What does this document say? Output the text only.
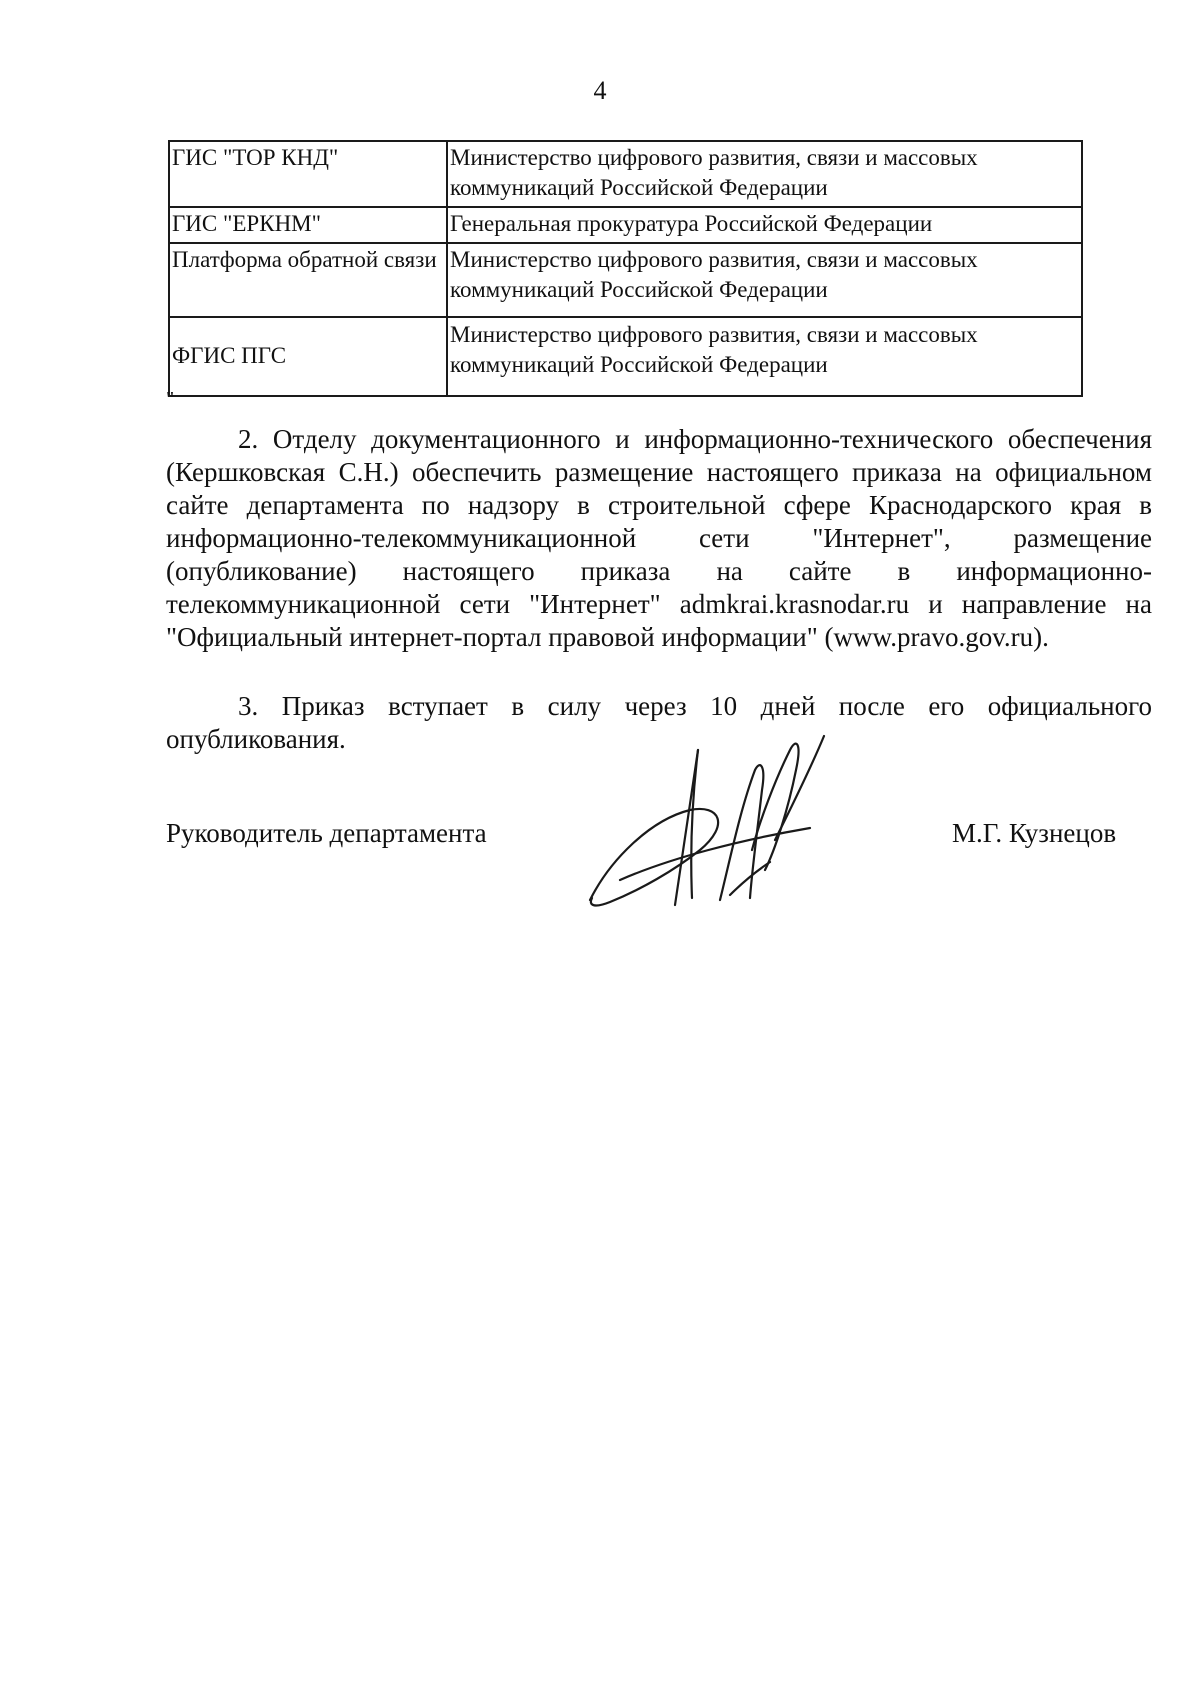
4
ГИС "ТОР КНД"	Министерство цифрового развития, связи и массовых коммуникаций Российской Федерации
ГИС "ЕРКНМ"	Генеральная прокуратура Российской Федерации
Платформа обратной связи	Министерство цифрового развития, связи и массовых коммуникаций Российской Федерации
ФГИС ПГС	Министерство цифрового развития, связи и массовых коммуникаций Российской Федерации
"

2. Отделу документационного и информационно-технического обеспечения (Кершковская С.Н.) обеспечить размещение настоящего приказа на официальном сайте департамента по надзору в строительной сфере Краснодарского края в информационно-телекоммуникационной сети "Интернет", размещение (опубликование) настоящего приказа на сайте в информационно-телекоммуникационной сети "Интернет" admkrai.krasnodar.ru и направление на "Официальный интернет-портал правовой информации" (www.pravo.gov.ru).

3. Приказ вступает в силу через 10 дней после его официального опубликования.

Руководитель департамента	М.Г. Кузнецов
